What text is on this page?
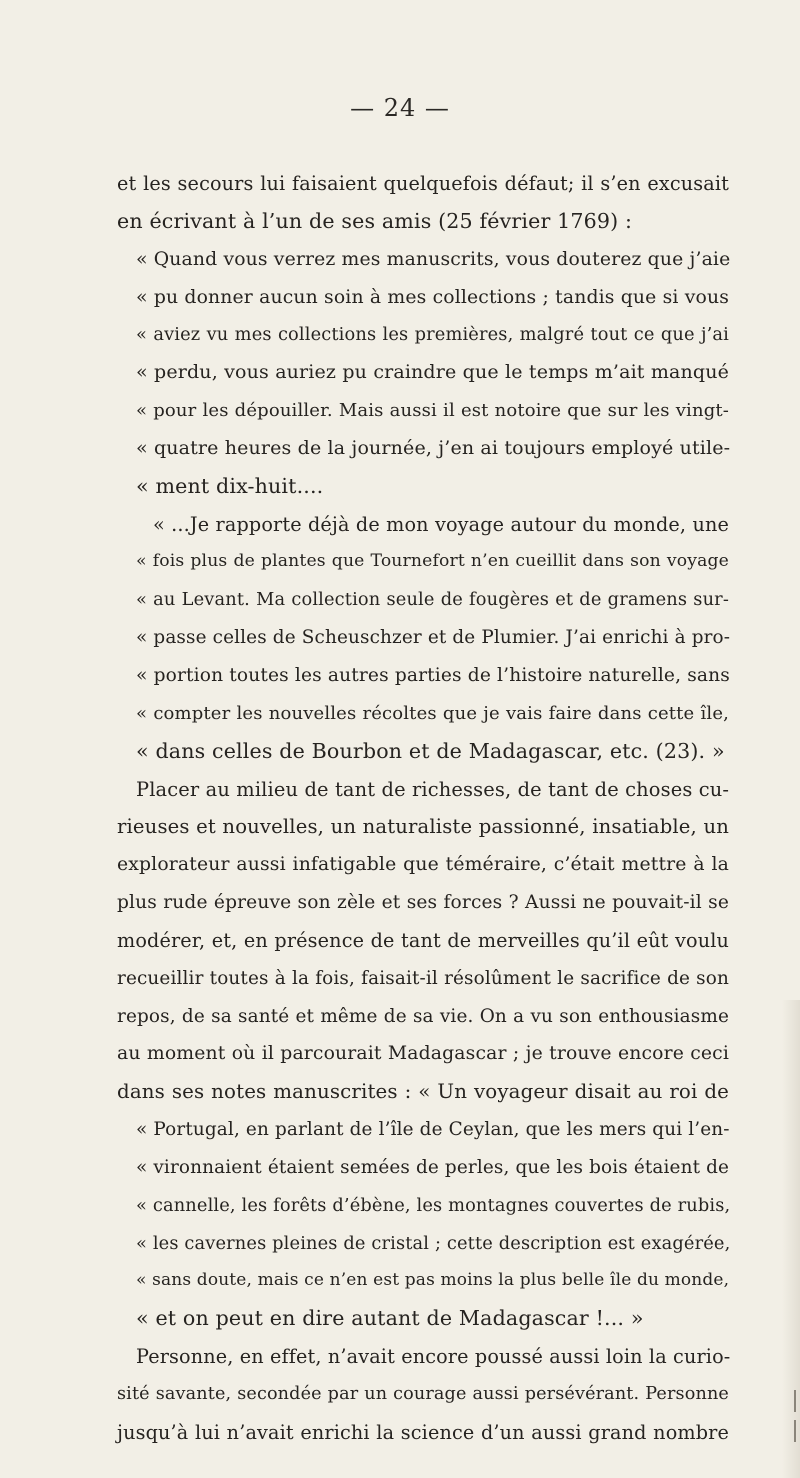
— 24 —
et les secours lui faisaient quelquefois défaut; il s’en excusait
en écrivant à l’un de ses amis (25 février 1769) :
« Quand vous verrez mes manuscrits, vous douterez que j’aie
« pu donner aucun soin à mes collections ; tandis que si vous
« aviez vu mes collections les premières, malgré tout ce que j’ai
« perdu, vous auriez pu craindre que le temps m’ait manqué
« pour les dépouiller. Mais aussi il est notoire que sur les vingt-
« quatre heures de la journée, j’en ai toujours employé utile-
« ment dix-huit....
« ...Je rapporte déjà de mon voyage autour du monde, une
« fois plus de plantes que Tournefort n’en cueillit dans son voyage
« au Levant. Ma collection seule de fougères et de gramens sur-
« passe celles de Scheuschzer et de Plumier. J’ai enrichi à pro-
« portion toutes les autres parties de l’histoire naturelle, sans
« compter les nouvelles récoltes que je vais faire dans cette île,
« dans celles de Bourbon et de Madagascar, etc. (23). »
Placer au milieu de tant de richesses, de tant de choses cu-
rieuses et nouvelles, un naturaliste passionné, insatiable, un
explorateur aussi infatigable que téméraire, c’était mettre à la
plus rude épreuve son zèle et ses forces ? Aussi ne pouvait-il se
modérer, et, en présence de tant de merveilles qu’il eût voulu
recueillir toutes à la fois, faisait-il résolûment le sacrifice de son
repos, de sa santé et même de sa vie. On a vu son enthousiasme
au moment où il parcourait Madagascar ; je trouve encore ceci
dans ses notes manuscrites : « Un voyageur disait au roi de
« Portugal, en parlant de l’île de Ceylan, que les mers qui l’en-
« vironnaient étaient semées de perles, que les bois étaient de
« cannelle, les forêts d’ébène, les montagnes couvertes de rubis,
« les cavernes pleines de cristal ; cette description est exagérée,
« sans doute, mais ce n’en est pas moins la plus belle île du monde,
« et on peut en dire autant de Madagascar !... »
Personne, en effet, n’avait encore poussé aussi loin la curio-
sité savante, secondée par un courage aussi persévérant. Personne
jusqu’à lui n’avait enrichi la science d’un aussi grand nombre
